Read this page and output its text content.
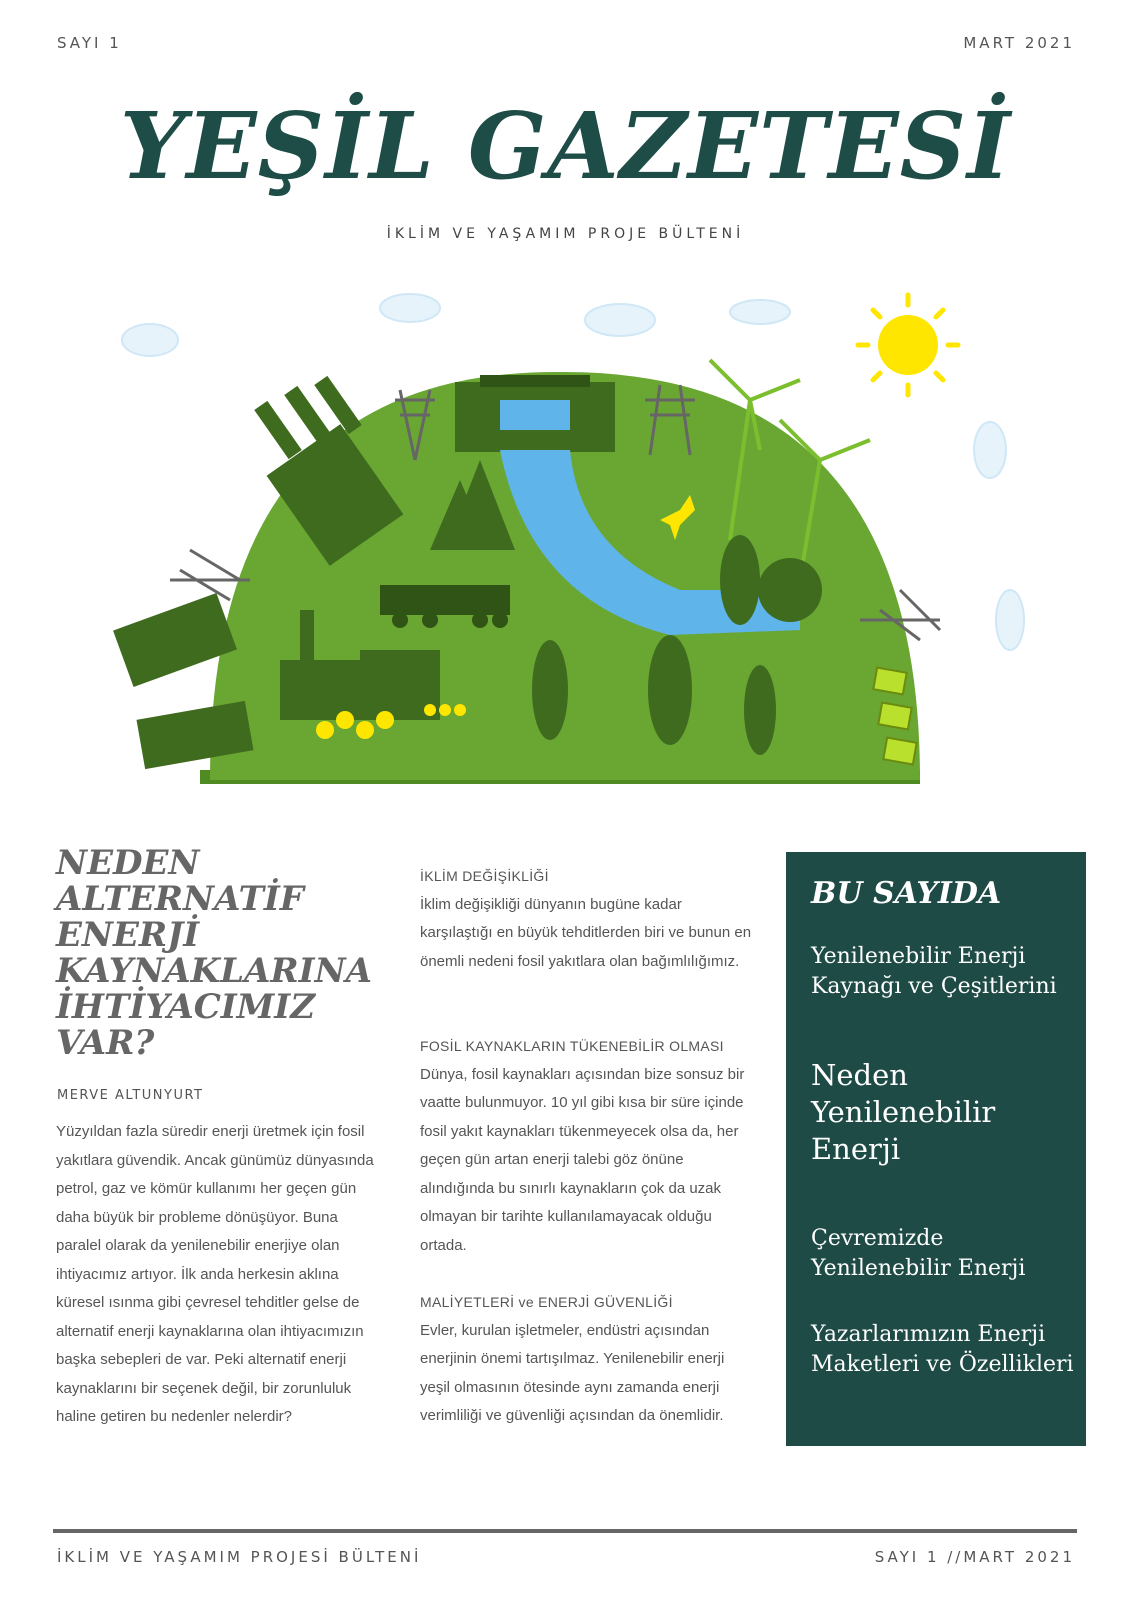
SAYI 1	MART 2021
YEŞİL GAZETESİ
İKLİM VE YAŞAMIM PROJE BÜLTENİ
NEDEN ALTERNATİF ENERJİ KAYNAKLARINA İHTİYACIMIZ VAR?
MERVE ALTUNYURT
Yüzyıldan fazla süredir enerji üretmek için fosil yakıtlara güvendik. Ancak günümüz dünyasında petrol, gaz ve kömür kullanımı her geçen gün daha büyük bir probleme dönüşüyor. Buna paralel olarak da yenilenebilir enerjiye olan ihtiyacımız artıyor. İlk anda herkesin aklına küresel ısınma gibi çevresel tehditler gelse de alternatif enerji kaynaklarına olan ihtiyacımızın başka sebepleri de var. Peki alternatif enerji kaynaklarını bir seçenek değil, bir zorunluluk haline getiren bu nedenler nelerdir?
İKLİM DEĞİŞİKLİĞİ
İklim değişikliği dünyanın bugüne kadar karşılaştığı en büyük tehditlerden biri ve bunun en önemli nedeni fosil yakıtlara olan bağımlılığımız.
FOSİL KAYNAKLARIN TÜKENEBİLİR OLMASI
Dünya, fosil kaynakları açısından bize sonsuz bir vaatte bulunmuyor. 10 yıl gibi kısa bir süre içinde fosil yakıt kaynakları tükenmeyecek olsa da, her geçen gün artan enerji talebi göz önüne alındığında bu sınırlı kaynakların çok da uzak olmayan bir tarihte kullanılamayacak olduğu ortada.
MALİYETLERİ ve ENERJİ GÜVENLİĞİ
Evler, kurulan işletmeler, endüstri açısından enerjinin önemi tartışılmaz. Yenilenebilir enerji yeşil olmasının ötesinde aynı zamanda enerji verimliliği ve güvenliği açısından da önemlidir.
BU SAYIDA
Yenilenebilir Enerji Kaynağı ve Çeşitlerini
Neden Yenilenebilir Enerji
Çevremizde Yenilenebilir Enerji
Yazarlarımızın Enerji Maketleri ve Özellikleri
İKLİM VE YAŞAMIM PROJESİ BÜLTENİ	SAYI 1 //MART 2021
